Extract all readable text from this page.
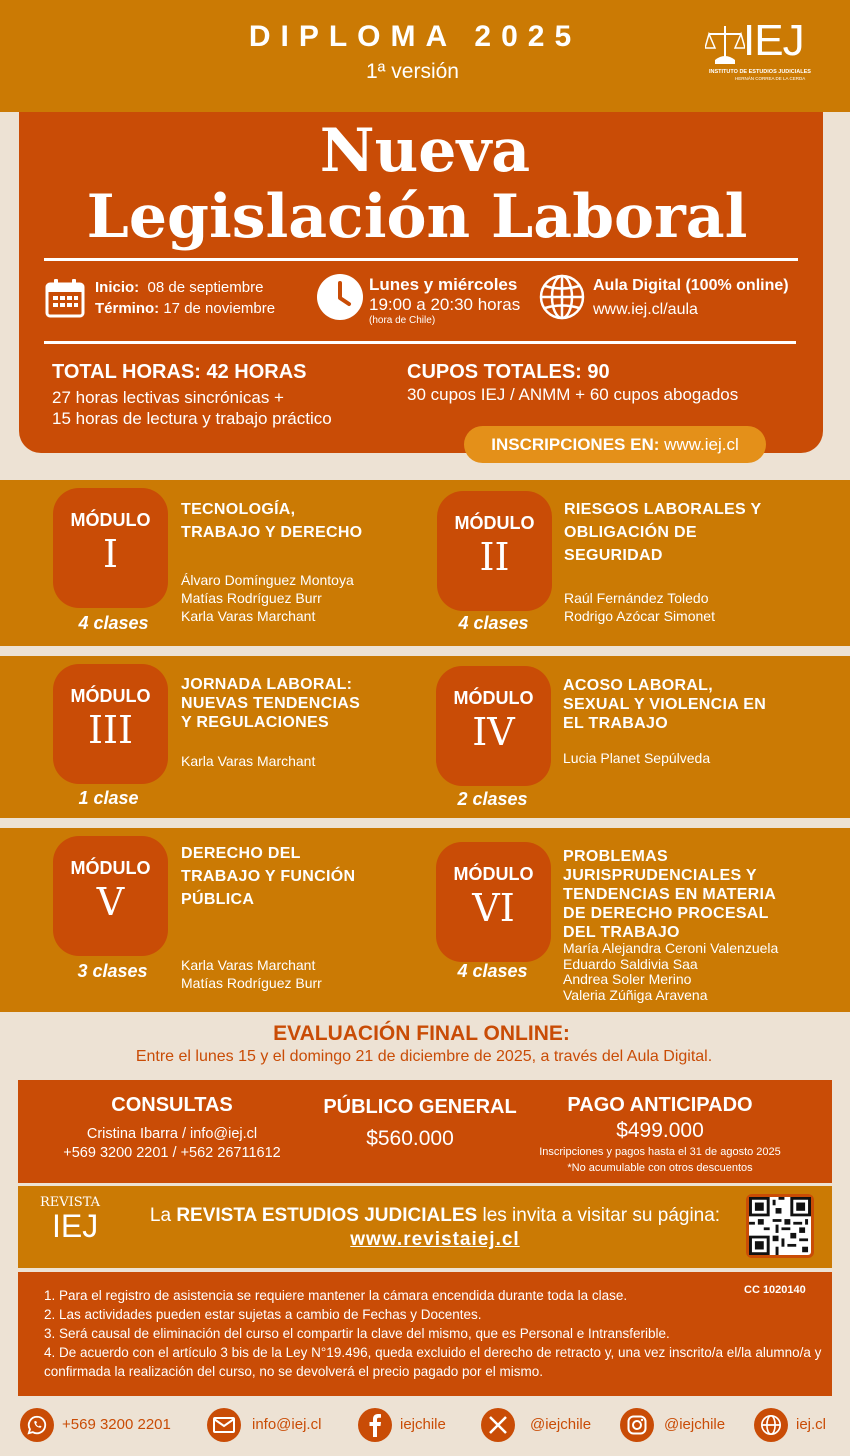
DIPLOMA 2025
1ª versión
IEJ
INSTITUTO DE ESTUDIOS JUDICIALES
HERNÁN CORREA DE LA CERDA
Nueva
Legislación Laboral
Inicio: 08 de septiembre
Término: 17 de noviembre
Lunes y miércoles
19:00 a 20:30 horas
(hora de Chile)
Aula Digital (100% online)
www.iej.cl/aula
TOTAL HORAS: 42 HORAS
27 horas lectivas sincrónicas +
15 horas de lectura y trabajo práctico
CUPOS TOTALES: 90
30 cupos IEJ / ANMM + 60 cupos abogados
INSCRIPCIONES EN: www.iej.cl
MÓDULO
I
4 clases
TECNOLOGÍA,
TRABAJO Y DERECHO
Álvaro Domínguez Montoya
Matías Rodríguez Burr
Karla Varas Marchant
MÓDULO
II
4 clases
RIESGOS LABORALES Y
OBLIGACIÓN DE
SEGURIDAD
Raúl Fernández Toledo
Rodrigo Azócar Simonet
MÓDULO
III
1 clase
JORNADA LABORAL:
NUEVAS TENDENCIAS
Y REGULACIONES
Karla Varas Marchant
MÓDULO
IV
2 clases
ACOSO LABORAL,
SEXUAL Y VIOLENCIA EN
EL TRABAJO
Lucia Planet Sepúlveda
MÓDULO
V
3 clases
DERECHO DEL
TRABAJO Y FUNCIÓN
PÚBLICA
Karla Varas Marchant
Matías Rodríguez Burr
MÓDULO
VI
4 clases
PROBLEMAS
JURISPRUDENCIALES Y
TENDENCIAS EN MATERIA
DE DERECHO PROCESAL
DEL TRABAJO
María Alejandra Ceroni Valenzuela
Eduardo Saldivia Saa
Andrea Soler Merino
Valeria Zúñiga Aravena
EVALUACIÓN FINAL ONLINE:
Entre el lunes 15 y el domingo 21 de diciembre de 2025, a través del Aula Digital.
CONSULTAS
Cristina Ibarra / info@iej.cl
+569 3200 2201 / +562 26711612
PÚBLICO GENERAL
$560.000
PAGO ANTICIPADO
$499.000
Inscripciones y pagos hasta el 31 de agosto 2025
*No acumulable con otros descuentos
REVISTA
IEJ	La REVISTA ESTUDIOS JUDICIALES les invita a visitar su página:
www.revistaiej.cl
CC 1020140
1. Para el registro de asistencia se requiere mantener la cámara encendida durante toda la clase.
2. Las actividades pueden estar sujetas a cambio de Fechas y Docentes.
3. Será causal de eliminación del curso el compartir la clave del mismo, que es Personal e Intransferible.
4. De acuerdo con el artículo 3 bis de la Ley N°19.496, queda excluido el derecho de retracto y, una vez inscrito/a el/la alumno/a y confirmada la realización del curso, no se devolverá el precio pagado por el mismo.
+569 3200 2201	info@iej.cl	iejchile	@iejchile	@iejchile	iej.cl
